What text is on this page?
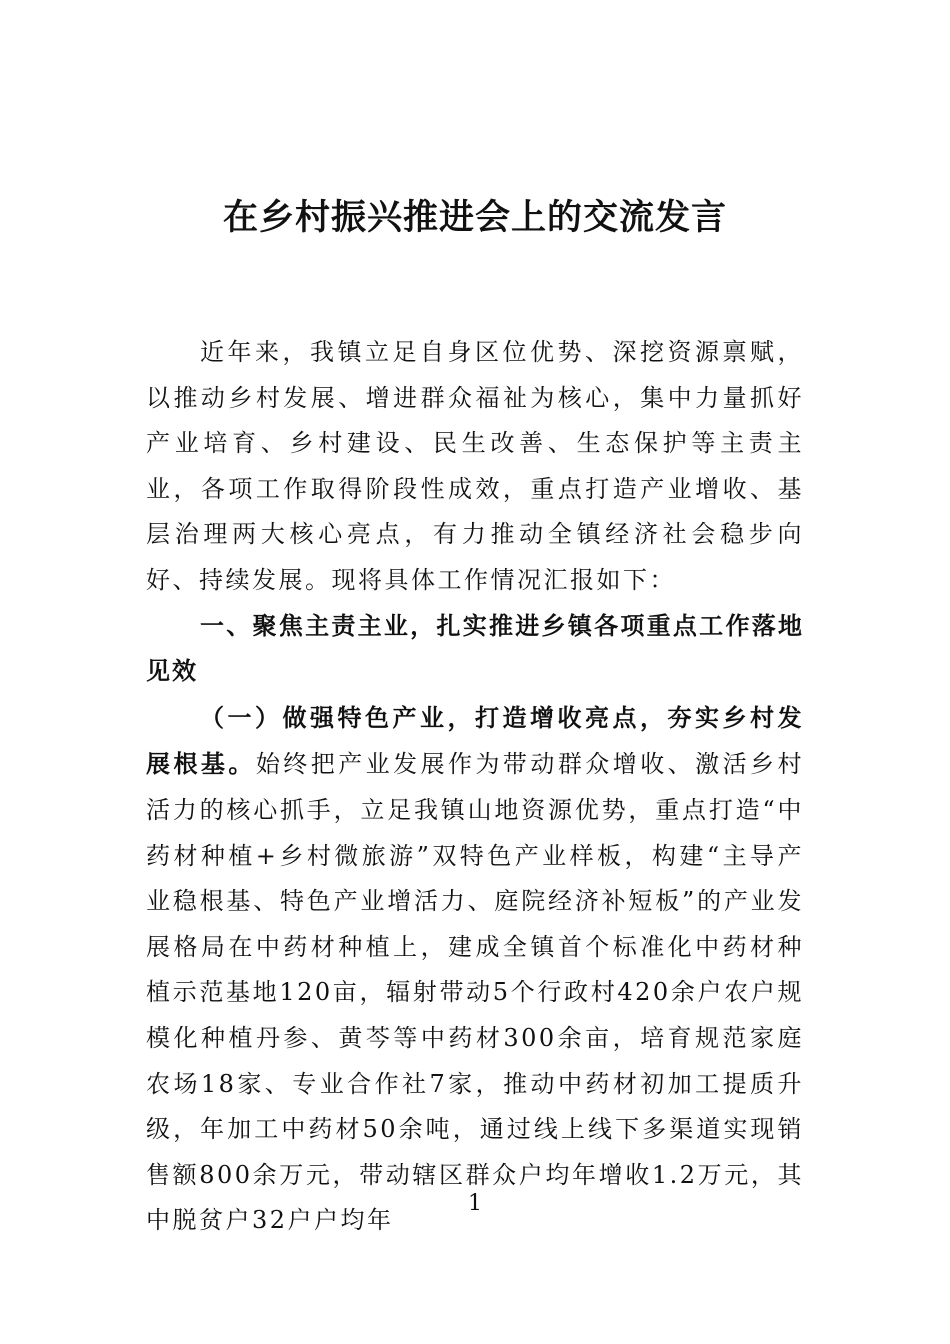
在乡村振兴推进会上的交流发言

近年来，我镇立足自身区位优势、深挖资源禀赋，以推动乡村发展、增进群众福祉为核心，集中力量抓好产业培育、乡村建设、民生改善、生态保护等主责主业，各项工作取得阶段性成效，重点打造产业增收、基层治理两大核心亮点，有力推动全镇经济社会稳步向好、持续发展。现将具体工作情况汇报如下：

一、聚焦主责主业，扎实推进乡镇各项重点工作落地见效

（一）做强特色产业，打造增收亮点，夯实乡村发展根基。始终把产业发展作为带动群众增收、激活乡村活力的核心抓手，立足我镇山地资源优势，重点打造“中药材种植+乡村微旅游”双特色产业样板，构建“主导产业稳根基、特色产业增活力、庭院经济补短板”的产业发展格局在中药材种植上，建成全镇首个标准化中药材种植示范基地120亩，辐射带动5个行政村420余户农户规模化种植丹参、黄芩等中药材300余亩，培育规范家庭农场18家、专业合作社7家，推动中药材初加工提质升级，年加工中药材50余吨，通过线上线下多渠道实现销售额800余万元，带动辖区群众户均年增收1.2万元，其中脱贫户32户户均年

1
